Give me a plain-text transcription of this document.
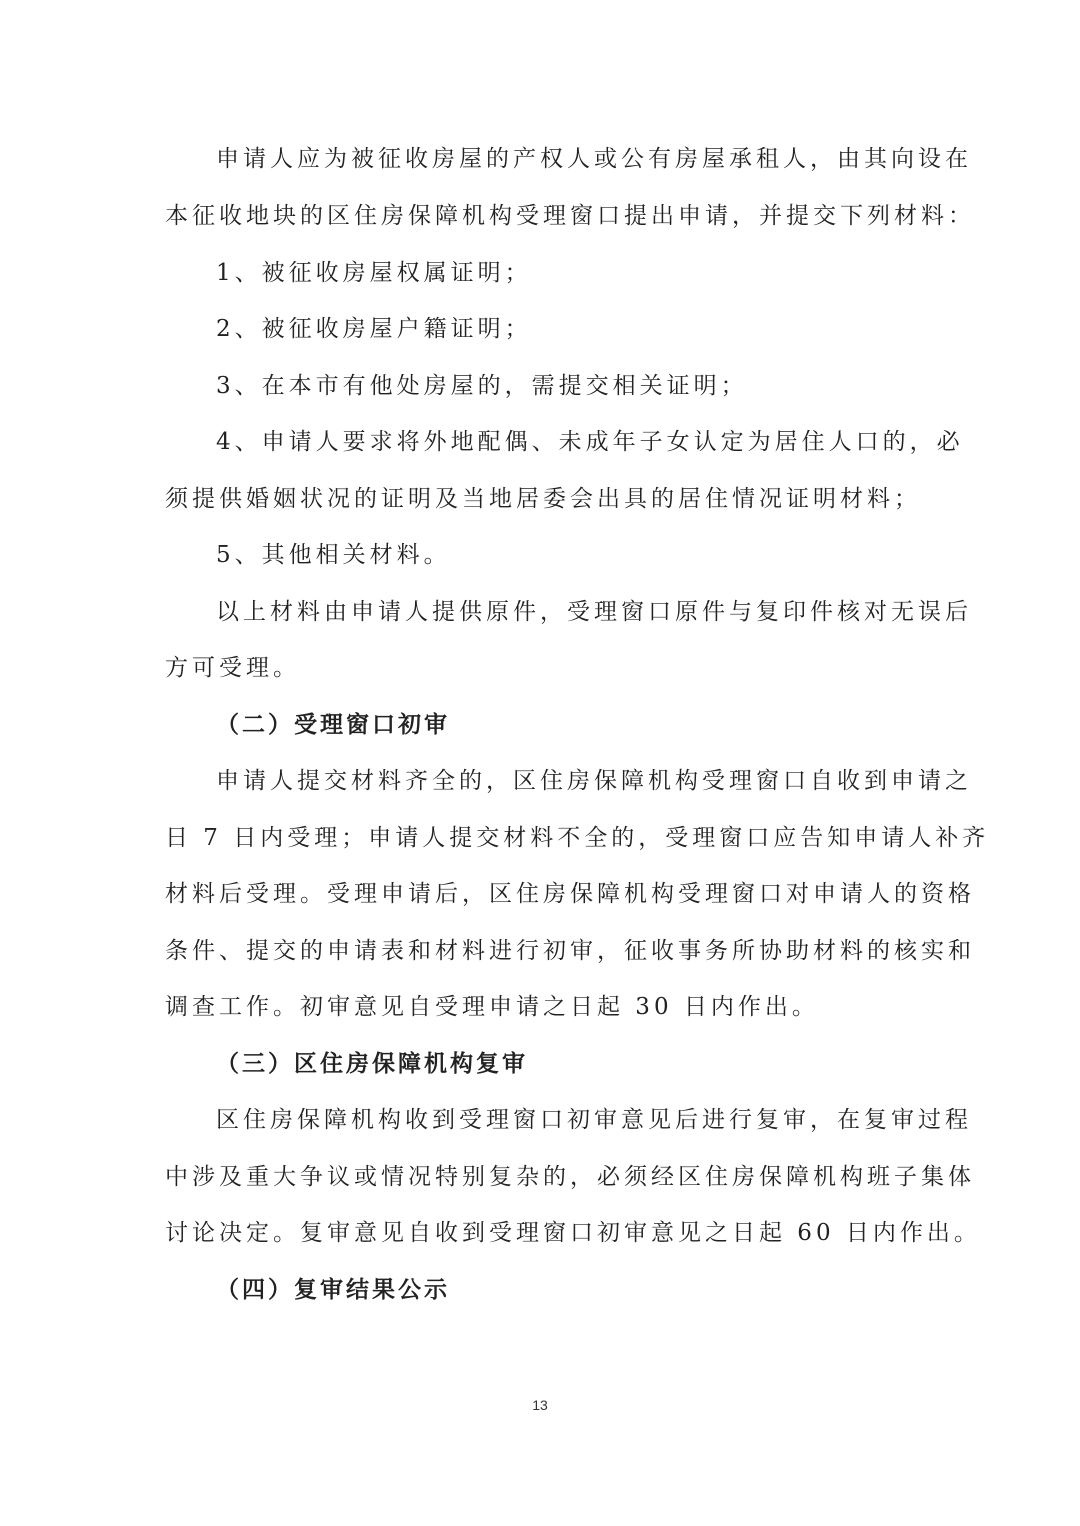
申请人应为被征收房屋的产权人或公有房屋承租人，由其向设在
本征收地块的区住房保障机构受理窗口提出申请，并提交下列材料：
1、被征收房屋权属证明；
2、被征收房屋户籍证明；
3、在本市有他处房屋的，需提交相关证明；
4、申请人要求将外地配偶、未成年子女认定为居住人口的，必
须提供婚姻状况的证明及当地居委会出具的居住情况证明材料；
5、其他相关材料。
以上材料由申请人提供原件，受理窗口原件与复印件核对无误后
方可受理。
（二）受理窗口初审
申请人提交材料齐全的，区住房保障机构受理窗口自收到申请之
日 7 日内受理；申请人提交材料不全的，受理窗口应告知申请人补齐
材料后受理。受理申请后，区住房保障机构受理窗口对申请人的资格
条件、提交的申请表和材料进行初审，征收事务所协助材料的核实和
调查工作。初审意见自受理申请之日起 30 日内作出。
（三）区住房保障机构复审
区住房保障机构收到受理窗口初审意见后进行复审，在复审过程
中涉及重大争议或情况特别复杂的，必须经区住房保障机构班子集体
讨论决定。复审意见自收到受理窗口初审意见之日起 60 日内作出。
（四）复审结果公示
13
